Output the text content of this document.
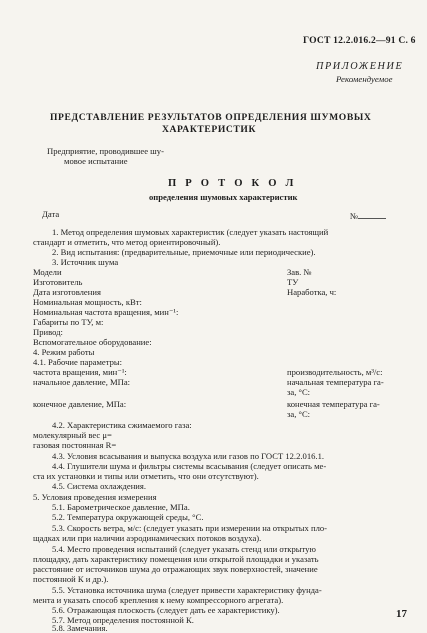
ГОСТ 12.2.016.2—91 С. 6
ПРИЛОЖЕНИЕ
Рекомендуемое
ПРЕДСТАВЛЕНИЕ РЕЗУЛЬТАТОВ ОПРЕДЕЛЕНИЯ ШУМОВЫХ
ХАРАКТЕРИСТИК
Предприятие, проводившее шу-
мовое испытание
П Р О Т О К О Л
определения шумовых характеристик
Дата	№
1. Метод определения шумовых характеристик (следует указать настоящий
стандарт и отметить, что метод ориентировочный).
2. Вид испытания: (предварительные, приемочные или периодические).
3. Источник шума
Модели	Зав. №
Изготовитель	ТУ
Дата изготовления	Наработка, ч:
Номинальная мощность, кВт:
Номинальная частота вращения, мин⁻¹:
Габариты по ТУ, м:
Привод:
Вспомогательное оборудование:
4. Режим работы
4.1. Рабочие параметры:
частота вращения, мин⁻¹:	производительность, м³/с:
начальное давление, МПа:	начальная температура га-
за, °С:
конечное давление, МПа:	конечная температура га-
за, °С:
4.2. Характеристика сжимаемого газа:
молекулярный вес μ=
газовая постоянная R=
4.3. Условия всасывания и выпуска воздуха или газов по ГОСТ 12.2.016.1.
4.4. Глушители шума и фильтры системы всасывания (следует описать ме-
ста их установки и типы или отметить, что они отсутствуют).
4.5. Система охлаждения.
5. Условия проведения измерения
5.1. Барометрическое давление, МПа.
5.2. Температура окружающей среды, °С.
5.3. Скорость ветра, м/с: (следует указать при измерении на открытых пло-
щадках или при наличии аэродинамических потоков воздуха).
5.4. Место проведения испытаний (следует указать стенд или открытую
площадку, дать характеристику помещения или открытой площадки и указать
расстояние от источников шума до отражающих звук поверхностей, значение
постоянной К и др.).
5.5. Установка источника шума (следует привести характеристику фунда-
мента и указать способ крепления к нему компрессорного агрегата).
5.6. Отражающая плоскость (следует дать ее характеристику).
5.7. Метод определения постоянной К.
5.8. Замечания.
17
